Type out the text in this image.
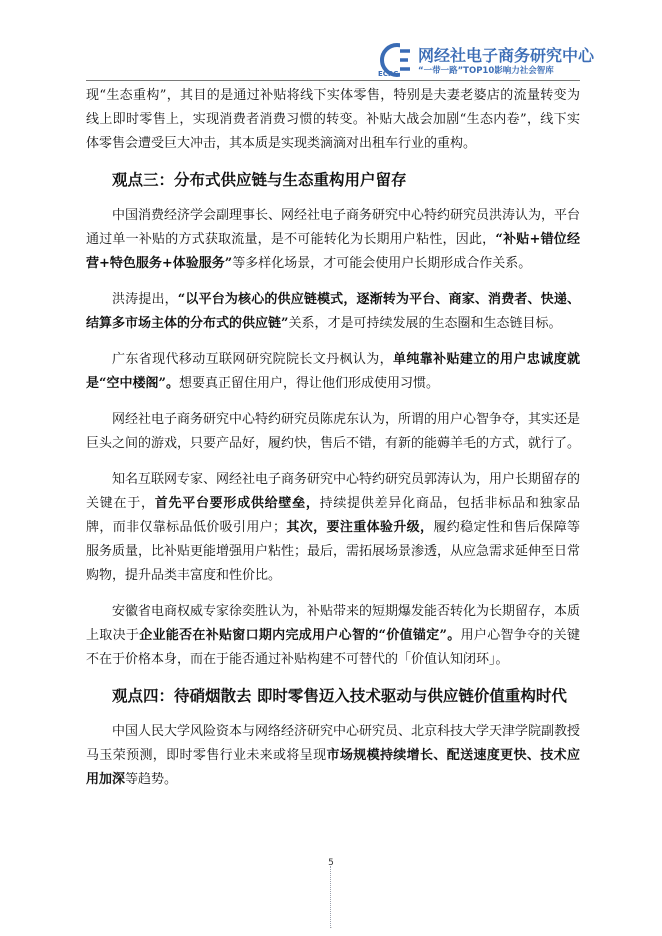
网经社电子商务研究中心
“一带一路”TOP10影响力社会智库
ECRC

现“生态重构”，其目的是通过补贴将线下实体零售，特别是夫妻老婆店的流量转变为线上即时零售上，实现消费者消费习惯的转变。补贴大战会加剧“生态内卷”，线下实体零售会遭受巨大冲击，其本质是实现类滴滴对出租车行业的重构。

观点三：分布式供应链与生态重构用户留存

中国消费经济学会副理事长、网经社电子商务研究中心特约研究员洪涛认为，平台通过单一补贴的方式获取流量，是不可能转化为长期用户粘性，因此，“补贴+错位经营+特色服务+体验服务”等多样化场景，才可能会使用户长期形成合作关系。

洪涛提出，“以平台为核心的供应链模式，逐渐转为平台、商家、消费者、快递、结算多市场主体的分布式的供应链”关系，才是可持续发展的生态圈和生态链目标。

广东省现代移动互联网研究院院长文丹枫认为，单纯靠补贴建立的用户忠诚度就是“空中楼阁”。想要真正留住用户，得让他们形成使用习惯。

网经社电子商务研究中心特约研究员陈虎东认为，所谓的用户心智争夺，其实还是巨头之间的游戏，只要产品好，履约快，售后不错，有新的能薅羊毛的方式，就行了。

知名互联网专家、网经社电子商务研究中心特约研究员郭涛认为，用户长期留存的关键在于，首先平台要形成供给壁垒，持续提供差异化商品，包括非标品和独家品牌，而非仅靠标品低价吸引用户；其次，要注重体验升级，履约稳定性和售后保障等服务质量，比补贴更能增强用户粘性；最后，需拓展场景渗透，从应急需求延伸至日常购物，提升品类丰富度和性价比。

安徽省电商权威专家徐奕胜认为，补贴带来的短期爆发能否转化为长期留存，本质上取决于企业能否在补贴窗口期内完成用户心智的“价值锚定”。用户心智争夺的关键不在于价格本身，而在于能否通过补贴构建不可替代的「价值认知闭环」。

观点四：待硝烟散去 即时零售迈入技术驱动与供应链价值重构时代

中国人民大学风险资本与网络经济研究中心研究员、北京科技大学天津学院副教授马玉荣预测，即时零售行业未来或将呈现市场规模持续增长、配送速度更快、技术应用加深等趋势。

5
·
